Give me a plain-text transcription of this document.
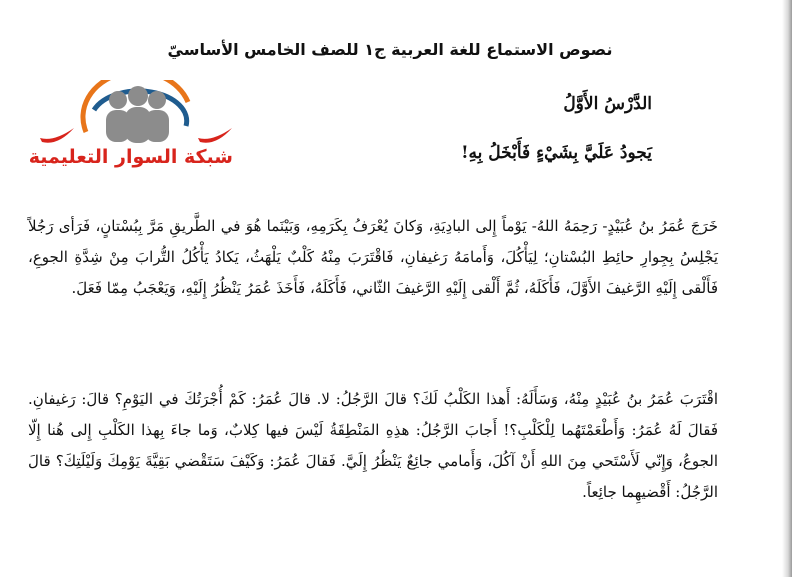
نصوص الاستماع للغة العربية ج١ للصف الخامس الأساسيّ
الدَّرْسُ الأَوَّلُ
شبكة السوار التعليمية	يَجودُ عَلَيَّ بِشَيْءٍ فَأَبْخَلُ بِهِ!

خَرَجَ عُمَرُ بنُ عُبَيْدٍ- رَحِمَهُ اللهُ- يَوْماً إِلى البادِيَةِ، وَكانَ يُعْرَفُ بِكَرَمِهِ، وَبَيْنَما هُوَ في الطَّريقِ مَرَّ بِبُسْتانٍ، فَرَأى رَجُلاً يَجْلِسُ بِجِوارِ حائِطِ البُسْتانِ؛ لِيَأْكُلَ، وَأَمامَهُ رَغيفانِ، فَاقْتَرَبَ مِنْهُ كَلْبٌ يَلْهَثُ، يَكادُ يَأْكُلُ التُّرابَ مِنْ شِدَّةِ الجوعِ، فَأَلْقى إِلَيْهِ الرَّغيفَ الأَوَّلَ، فَأَكَلَهُ، ثُمَّ أَلْقى إِلَيْهِ الرَّغيفَ الثّاني، فَأَكَلَهُ، فَأَخَذَ عُمَرُ يَنْظُرُ إِلَيْهِ، وَيَعْجَبُ مِمّا فَعَلَ.

اقْتَرَبَ عُمَرُ بنُ عُبَيْدٍ مِنْهُ، وَسَأَلَهُ: أَهذا الكَلْبُ لَكَ؟ قالَ الرَّجُلُ: لا. قالَ عُمَرُ: كَمْ أُجْرَتُكَ في اليَوْمِ؟ قالَ: رَغيفانِ. فَقالَ لَهُ عُمَرُ: وَأَطْعَمْتَهُما لِلْكَلْبِ؟! أَجابَ الرَّجُلُ: هذِهِ المَنْطِقَةُ لَيْسَ فيها كِلابٌ، وَما جاءَ بِهذا الكَلْبِ إِلى هُنا إِلّا الجوعُ، وَإِنّي لَأَسْتَحي مِنَ اللهِ أَنْ آكُلَ، وَأَمامي جائِعٌ يَنْظُرُ إِلَيَّ. فَقالَ عُمَرُ: وَكَيْفَ سَتَقْضي بَقِيَّةَ يَوْمِكَ وَلَيْلَتِكَ؟ قالَ الرَّجُلُ: أَقْضيهِما جائِعاً.
